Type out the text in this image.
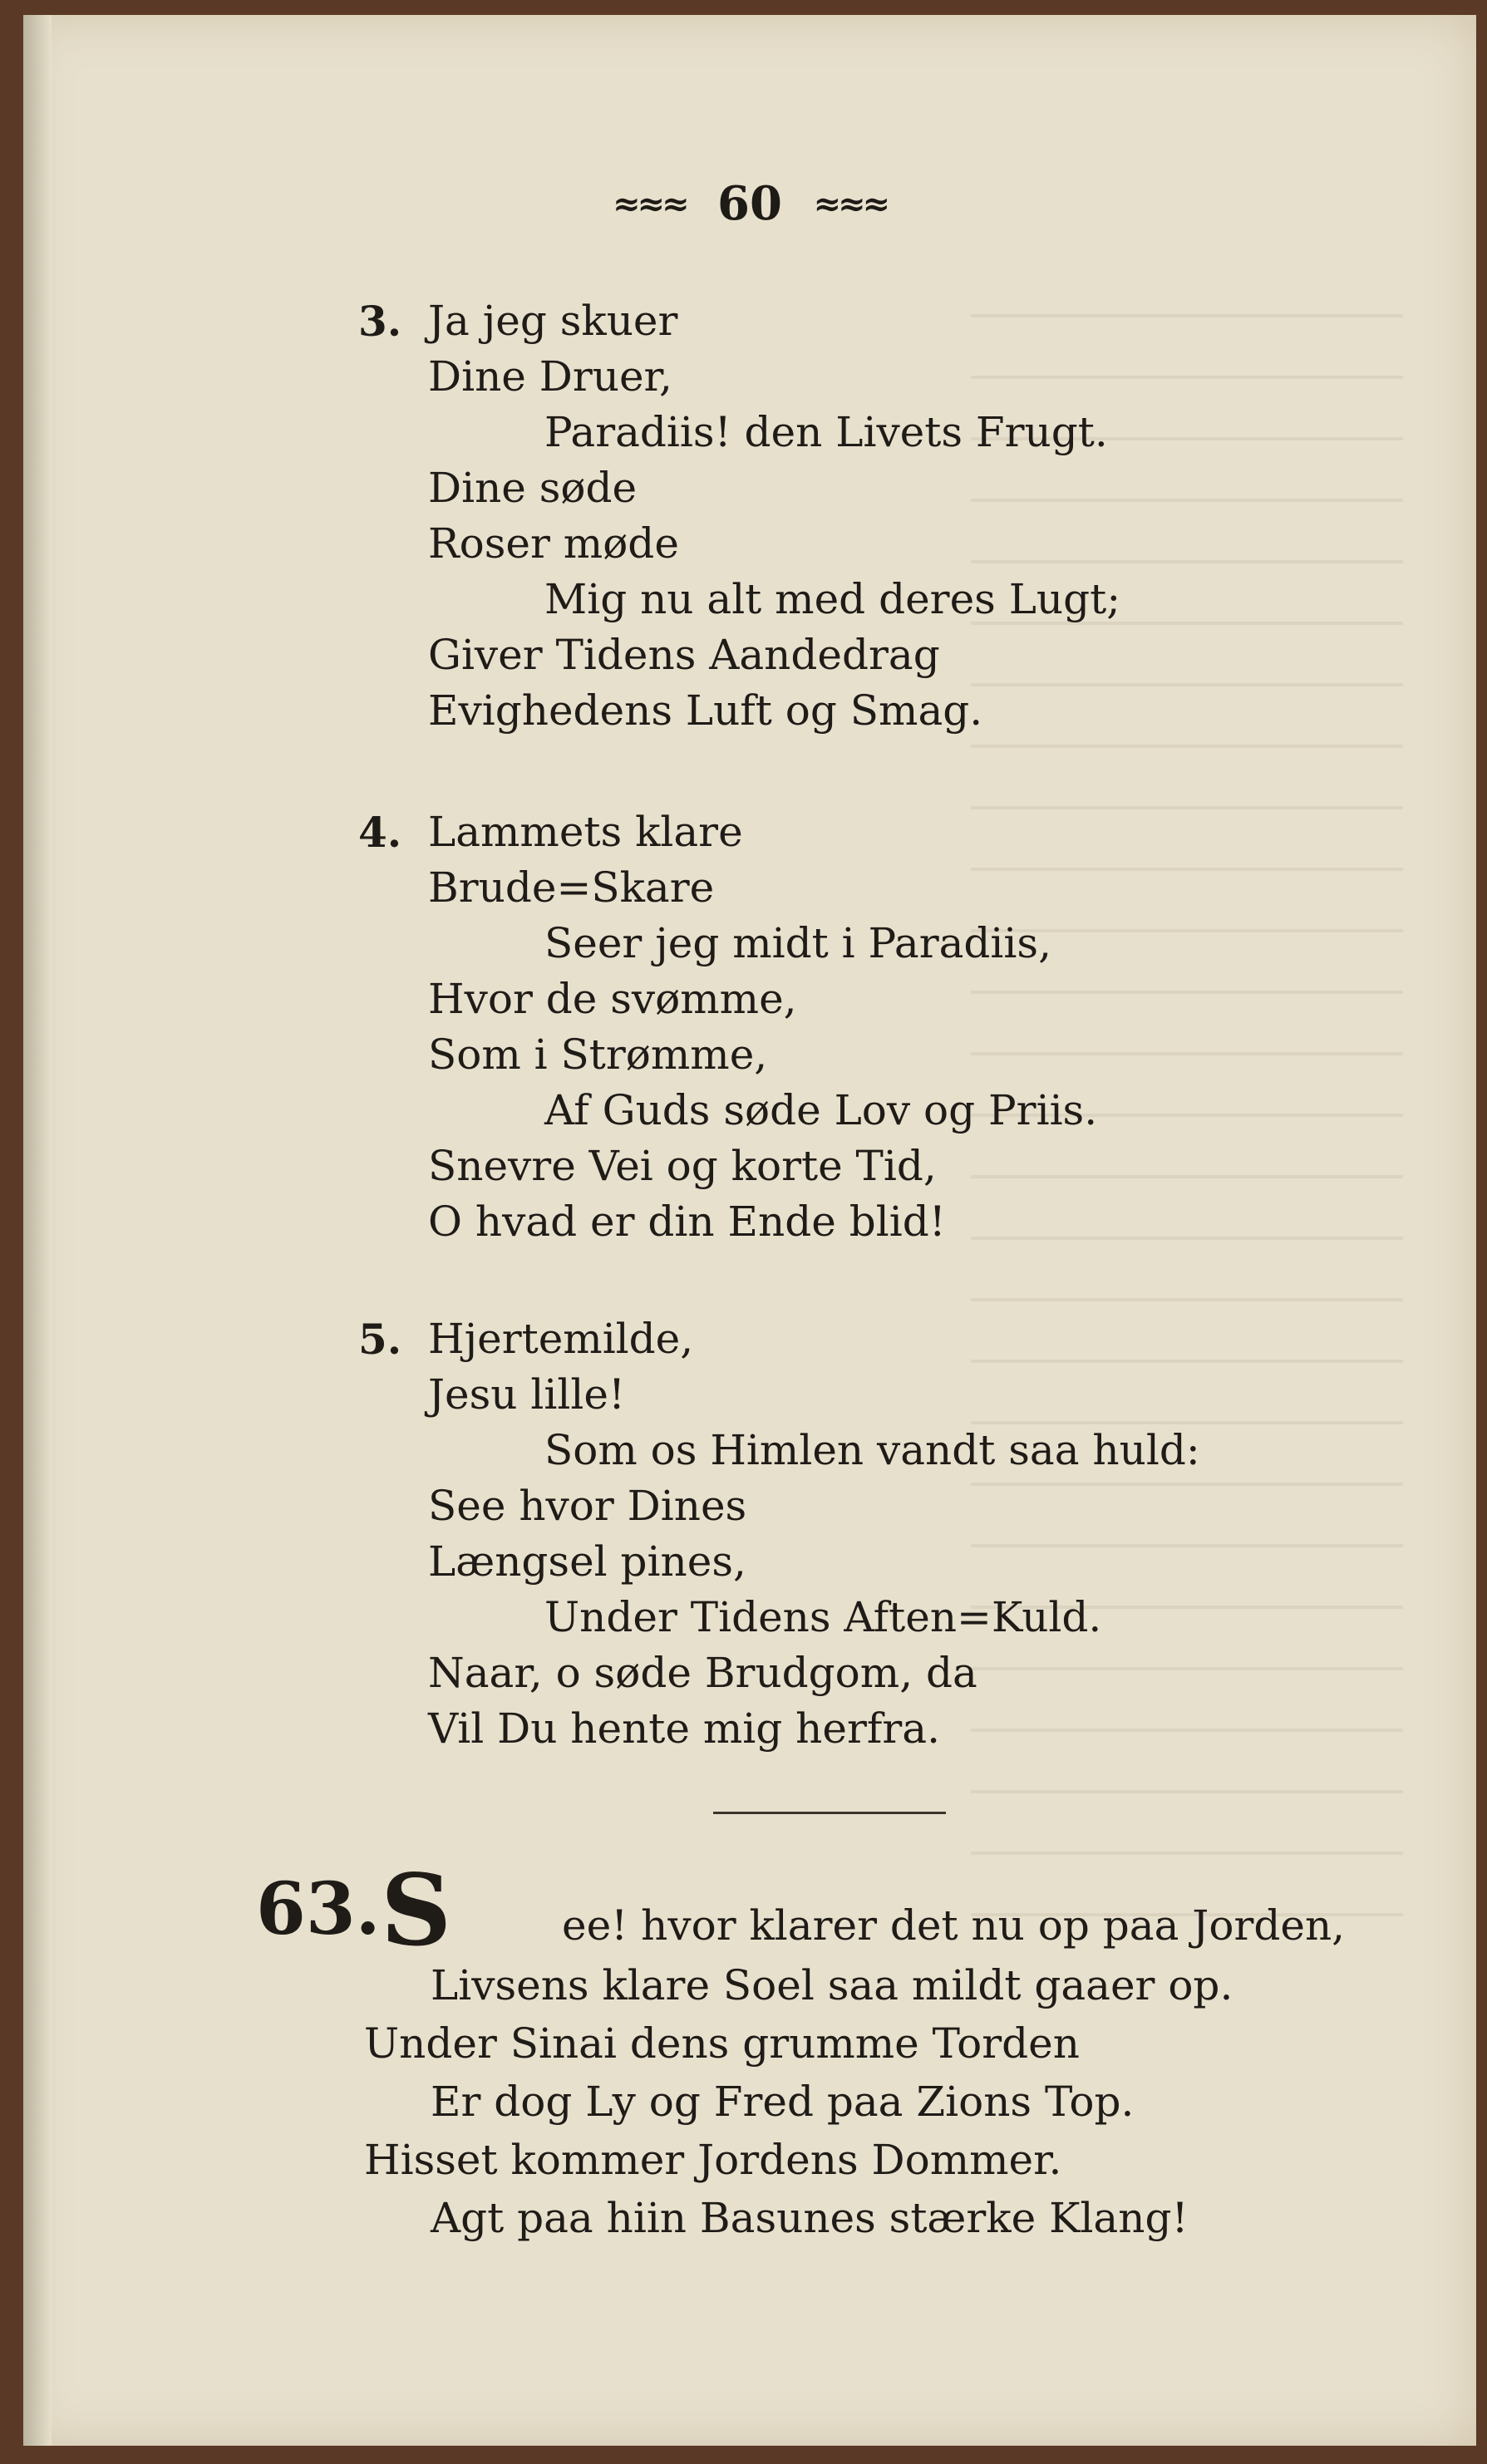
≈≈≈ 60 ≈≈≈
3. Ja jeg skuer
Dine Druer,
Paradiis! den Livets Frugt.
Dine søde
Roser møde
Mig nu alt med deres Lugt;
Giver Tidens Aandedrag
Evighedens Luft og Smag.
4. Lammets klare
Brude=Skare
Seer jeg midt i Paradiis,
Hvor de svømme,
Som i Strømme,
Af Guds søde Lov og Priis.
Snevre Vei og korte Tid,
O hvad er din Ende blid!
5. Hjertemilde,
Jesu lille!
Som os Himlen vandt saa huld:
See hvor Dines
Længsel pines,
Under Tidens Aften=Kuld.
Naar, o søde Brudgom, da
Vil Du hente mig herfra.
63. S	ee! hvor klarer det nu op paa Jorden,
Livsens klare Soel saa mildt gaaer op.
Under Sinai dens grumme Torden
Er dog Ly og Fred paa Zions Top.
Hisset kommer Jordens Dommer.
Agt paa hiin Basunes stærke Klang!
